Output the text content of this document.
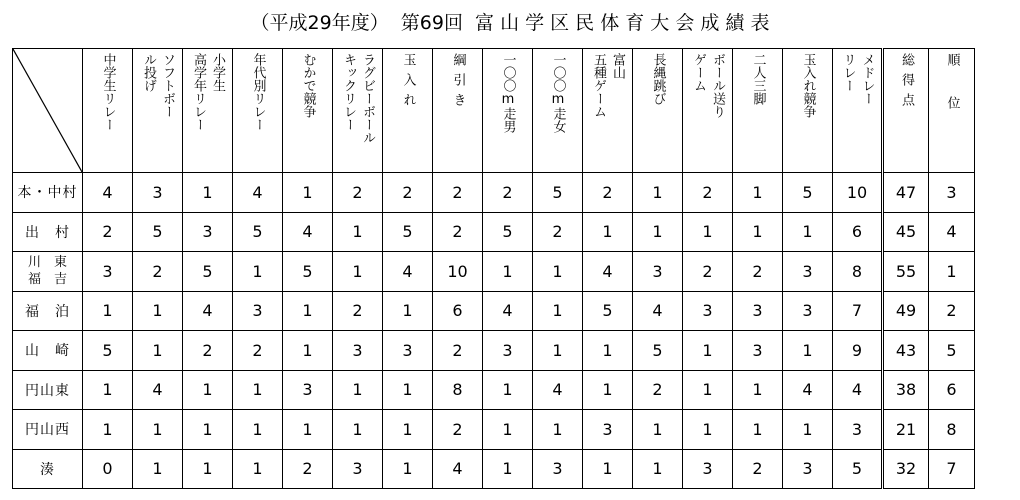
（平成29年度）  第69回  富 山 学 区 民 体 育 大 会 成 績 表

中学生リレー	ソフトボー
ル投げ	小学生
高学年リレー	年代別リレー	むかで競争	ラグビーボール
キックリレー	玉入れ	綱引き	一〇〇m走男	一〇〇m走女	富山
五種ゲーム	長縄跳び	ボール送り
ゲーム	二人三脚	玉入れ競争	メドレー
リレー	総得点	順位

本・中村	4	3	1	4	1	2	2	2	2	5	2	1	2	1	5	10	47	3

出　村	2	5	3	5	4	1	5	2	5	2	1	1	1	1	1	6	45	4

川　東
福　吉	3	2	5	1	5	1	4	10	1	1	4	3	2	2	3	8	55	1

福　泊	1	1	4	3	1	2	1	6	4	1	5	4	3	3	3	7	49	2

山　崎	5	1	2	2	1	3	3	2	3	1	1	5	1	3	1	9	43	5

円山東	1	4	1	1	3	1	1	8	1	4	1	2	1	1	4	4	38	6

円山西	1	1	1	1	1	1	1	2	1	1	3	1	1	1	1	3	21	8

湊	0	1	1	1	2	3	1	4	1	3	1	1	3	2	3	5	32	7
